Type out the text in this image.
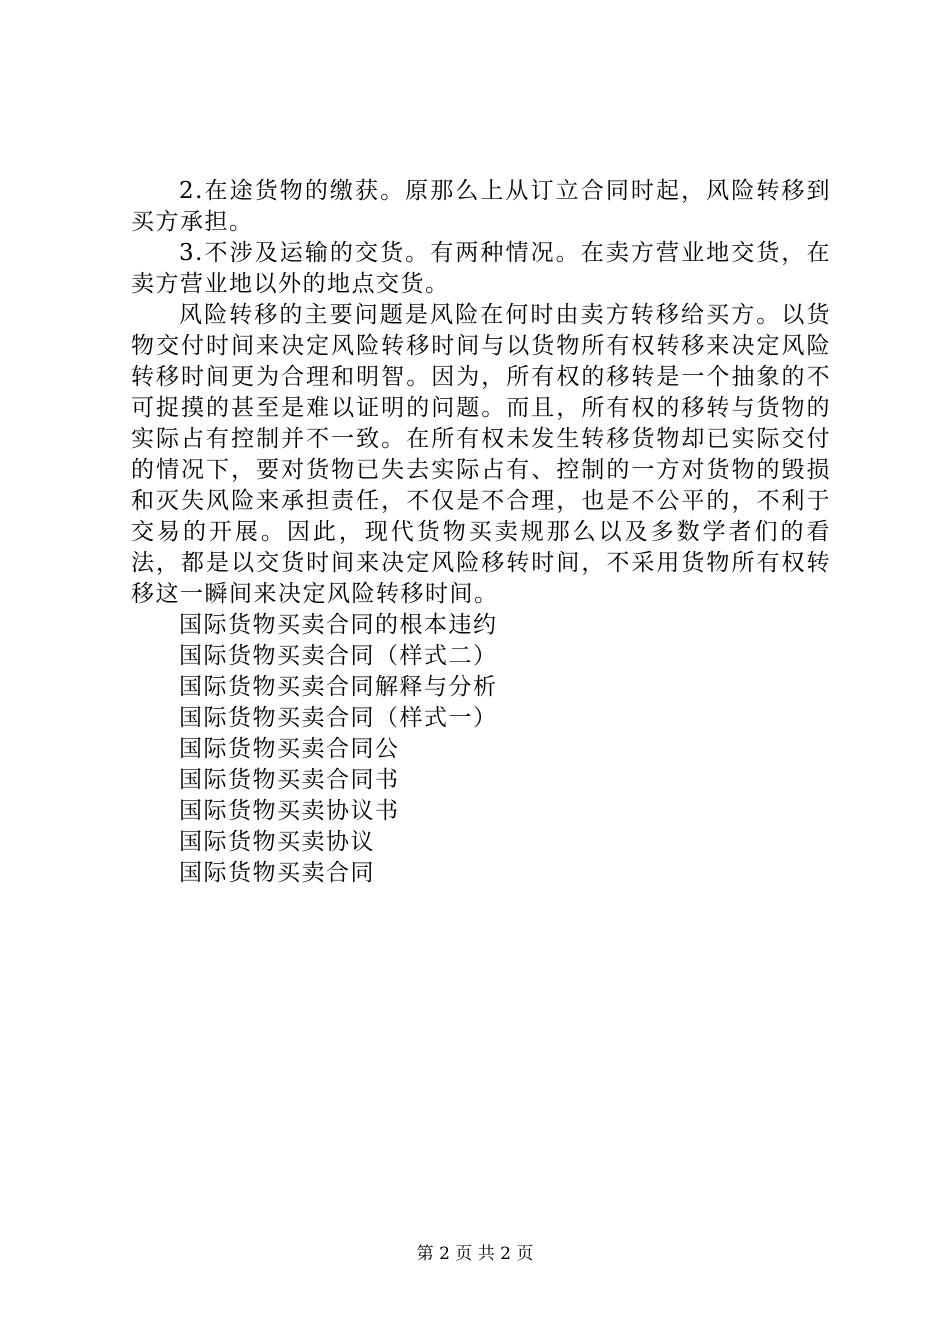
2.在途货物的缴获。原那么上从订立合同时起，风险转移到买方承担。

3.不涉及运输的交货。有两种情况。在卖方营业地交货，在卖方营业地以外的地点交货。

风险转移的主要问题是风险在何时由卖方转移给买方。以货物交付时间来决定风险转移时间与以货物所有权转移来决定风险转移时间更为合理和明智。因为，所有权的移转是一个抽象的不可捉摸的甚至是难以证明的问题。而且，所有权的移转与货物的实际占有控制并不一致。在所有权未发生转移货物却已实际交付的情况下，要对货物已失去实际占有、控制的一方对货物的毁损和灭失风险来承担责任，不仅是不合理，也是不公平的，不利于交易的开展。因此，现代货物买卖规那么以及多数学者们的看法，都是以交货时间来决定风险移转时间，不采用货物所有权转移这一瞬间来决定风险转移时间。

国际货物买卖合同的根本违约
国际货物买卖合同（样式二）
国际货物买卖合同解释与分析
国际货物买卖合同（样式一）
国际货物买卖合同公
国际货物买卖合同书
国际货物买卖协议书
国际货物买卖协议
国际货物买卖合同
第 2 页 共 2 页
